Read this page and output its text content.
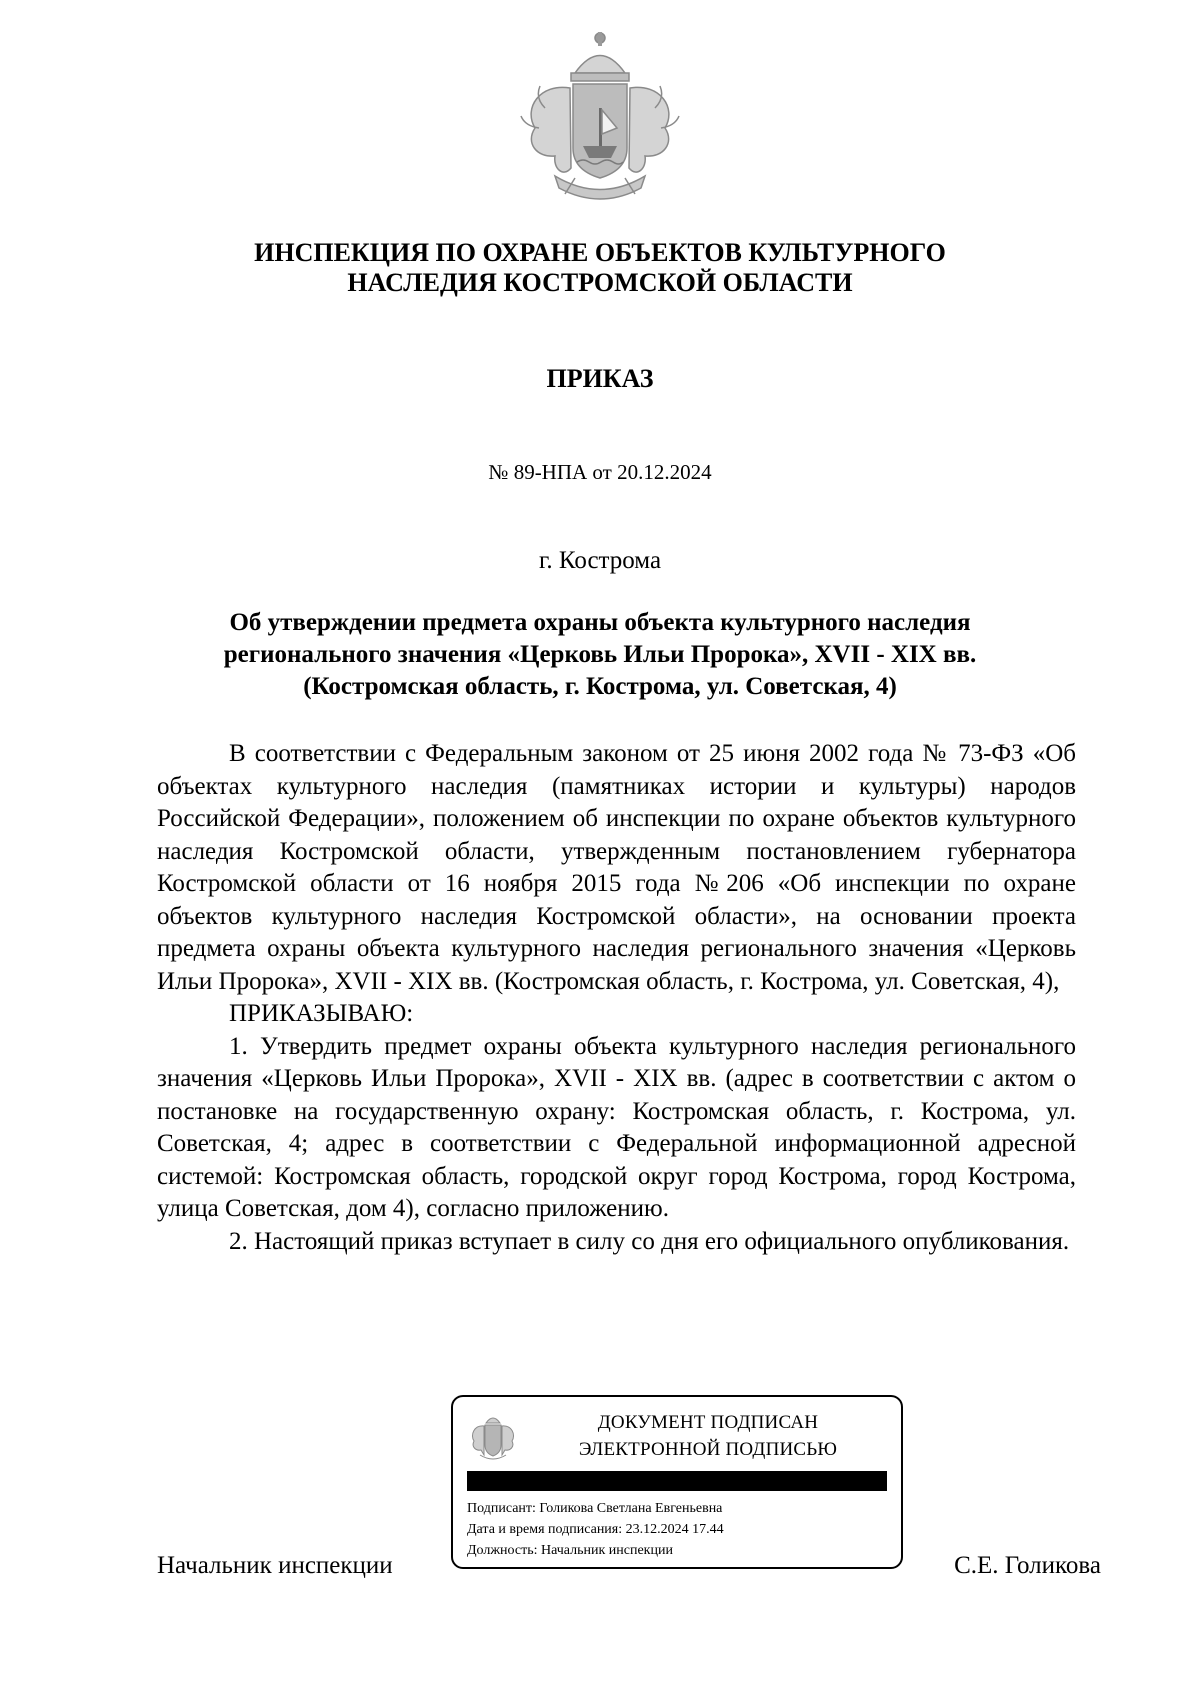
ИНСПЕКЦИЯ ПО ОХРАНЕ ОБЪЕКТОВ КУЛЬТУРНОГО
НАСЛЕДИЯ КОСТРОМСКОЙ ОБЛАСТИ
ПРИКАЗ
№ 89-НПА от 20.12.2024
г. Кострома
Об утверждении предмета охраны объекта культурного наследия
регионального значения «Церковь Ильи Пророка», XVII - XIX вв.
(Костромская область, г. Кострома, ул. Советская, 4)

В соответствии с Федеральным законом от 25 июня 2002 года № 73-ФЗ «Об объектах культурного наследия (памятниках истории и культуры) народов Российской Федерации», положением об инспекции по охране объектов культурного наследия Костромской области, утвержденным постановлением губернатора Костромской области от 16 ноября 2015 года №206 «Об инспекции по охране объектов культурного наследия Костромской области», на основании проекта предмета охраны объекта культурного наследия регионального значения «Церковь Ильи Пророка», XVII - XIX вв. (Костромская область, г. Кострома, ул. Советская, 4),

ПРИКАЗЫВАЮ:

1. Утвердить предмет охраны объекта культурного наследия регионального значения «Церковь Ильи Пророка», XVII - XIX вв. (адрес в соответствии с актом о постановке на государственную охрану: Костромская область, г. Кострома, ул. Советская, 4; адрес в соответствии с Федеральной информационной адресной системой: Костромская область, городской округ город Кострома, город Кострома, улица Советская, дом 4), согласно приложению.

2. Настоящий приказ вступает в силу со дня его официального опубликования.

ДОКУМЕНТ ПОДПИСАН
ЭЛЕКТРОННОЙ ПОДПИСЬЮ
Подписант: Голикова Светлана Евгеньевна
Дата и время подписания: 23.12.2024 17.44
Должность: Начальник инспекции
Начальник инспекции	С.Е. Голикова
